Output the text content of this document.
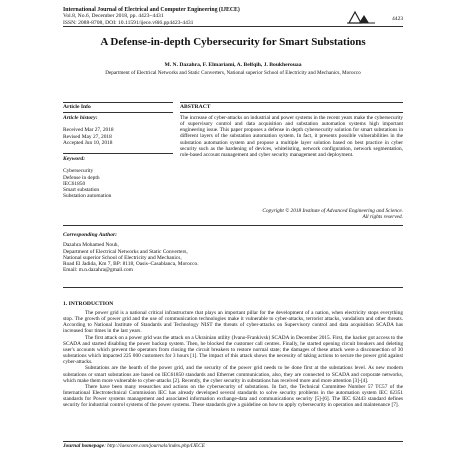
International Journal of Electrical and Computer Engineering (IJECE)
Vol.8, No.6, December 2018, pp. 4423~4431
ISSN: 2088-8708, DOI: 10.11591/ijece.v8i6.pp4423-4431
4423
A Defense-in-depth Cybersecurity for Smart Substations
M. N. Dazahra, F. Elmariami, A. Belfqih, J. Boukherouaa
Department of Electrical Networks and Static Converters, National superior School of Electricity and Mechanics, Morocco
Article Info	ABSTRACT
Article history:
Received Mar 27, 2018
Revised May 27, 2018
Accepted Jun 10, 2018
Keyword:
Cybersecurity
Defense in depth
IEC61850
Smart substation
Substation automation
The increase of cyber-attacks on industrial and power systems in the recent years make the cybersecurity of supervisory control and data acquisition and substation automation systems high important engineering issue. This paper proposes a defense in depth cybersecurity solution for smart substations in different layers of the substation automation system. In fact, it presents possible vulnerabilities in the substation automation system and propose a multiple layer solution based on best practice in cyber security such as the hardening of devices, whitelisting, network configuration, network segmentation, role-based account management and cyber security management and deployment.
Copyright © 2018 Institute of Advanced Engineering and Science.
All rights reserved.
Corresponding Author:
Dazahra Mohamed Nouh,
Department of Electrical Networks and Static Converters,
National superior School of Electricity and Mechanics,
Road El Jadida, Km 7, BP: 8118, Oasis–Casablanca, Morocco.
Email: m.n.dazahra@gmail.com
1. INTRODUCTION

The power grid is a national critical infrastructure that plays an important pillar for the development of a nation, when electricity stops everything stop. The growth of power grid and the use of communication technologies make it vulnerable to cyber-attacks, terrorist attacks, vandalism and other threats. According to National Institute of Standards and Technology NIST the threats of cyber-attacks on Supervisory control and data acquisition SCADA has increased four times in the last years.

The first attack on a power grid was the attack on a Ukrainian utility (Ivano-Frankivsk) SCADA in December 2015. First, the hacker got access to the SCADA and started disabling the power backup system. Then, he blocked the customer call centres. Finally, he started opening circuit breakers and deleting user's accounts which prevent the operators from closing the circuit breakers to restore normal state; the damages of these attack were a disconnection of 30 substations which impacted 225 000 customers for 3 hours [1]. The impact of this attack shows the necessity of taking actions to secure the power grid against cyber-attacks.

Substations are the hearth of the power grid, and the security of the power grid needs to be done first at the substations level. As new modern substations or smart substations are based on IEC61850 standards and Ethernet communication, also, they are connected to SCADA and corporate networks, which make them more vulnerable to cyber-attacks [2]. Recently, the cyber security in substations has received more and more attention [3]-[4].

There have been many researches and actions on the cybersecurity of substations. In fact, the Technical Committee Number 57 TC57 of the International Electrotechnical Commission IEC has already developed several standards to solve security problems in the automation system IEC 62351 standards for Power systems management and associated information exchange-data and communications security [5]-[6]. The IEC 62443 standard defines security for industrial control systems of the power systems. These standards give a guideline on how to apply cybersecurity in operation and maintenance [7].

Journal homepage: http://iaescore.com/journals/index.php/IJECE
